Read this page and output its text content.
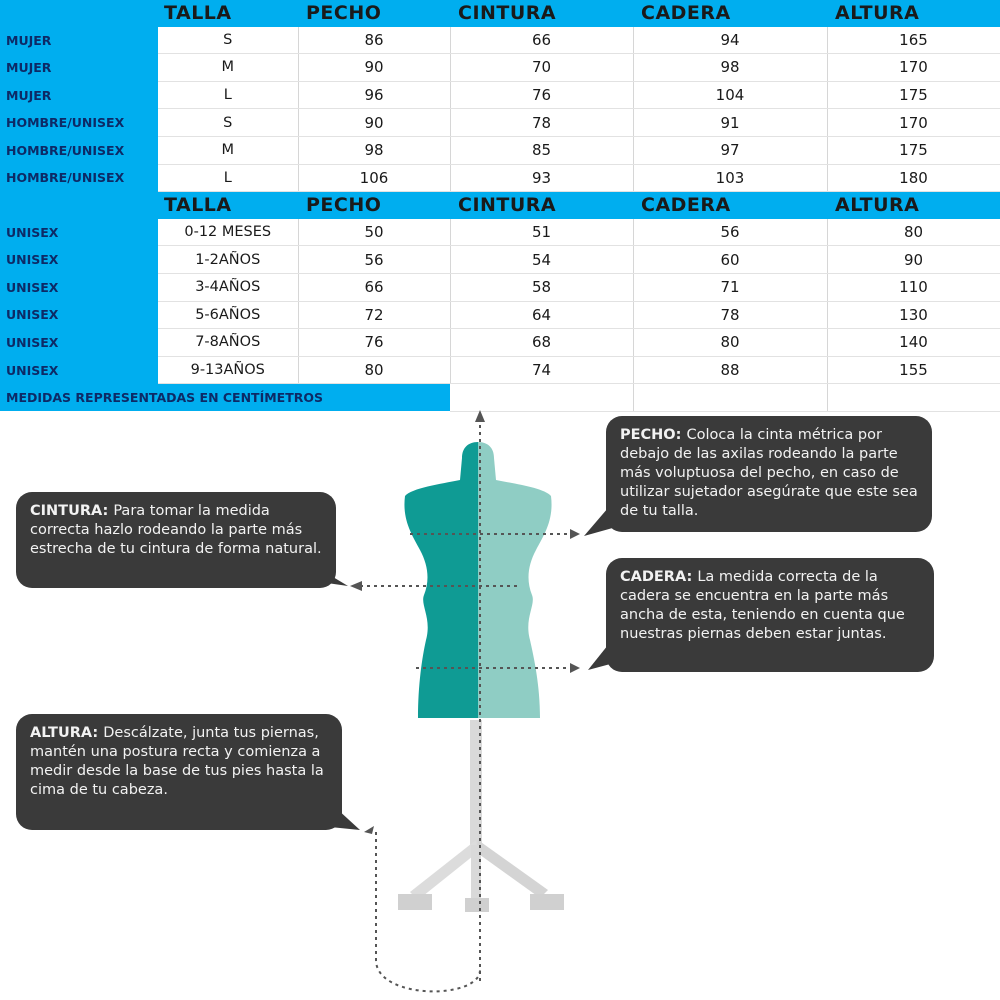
	TALLA	PECHO	CINTURA	CADERA	ALTURA
MUJER	S	86	66	94	165
MUJER	M	90	70	98	170
MUJER	L	96	76	104	175
HOMBRE/UNISEX	S	90	78	91	170
HOMBRE/UNISEX	M	98	85	97	175
HOMBRE/UNISEX	L	106	93	103	180
	TALLA	PECHO	CINTURA	CADERA	ALTURA
UNISEX	0-12 MESES	50	51	56	80
UNISEX	1-2AÑOS	56	54	60	90
UNISEX	3-4AÑOS	66	58	71	110
UNISEX	5-6AÑOS	72	64	78	130
UNISEX	7-8AÑOS	76	68	80	140
UNISEX	9-13AÑOS	80	74	88	155
MEDIDAS REPRESENTADAS EN CENTÍMETROS					
PECHO: Coloca la cinta métrica por debajo de las axilas rodeando la parte más voluptuosa del pecho, en caso de utilizar sujetador asegúrate que este sea de tu talla.
CINTURA: Para tomar la medida correcta hazlo rodeando la parte más estrecha de tu cintura de forma natural.
CADERA: La medida correcta de la cadera se encuentra en la parte más ancha de esta, teniendo en cuenta que nuestras piernas deben estar juntas.
ALTURA: Descálzate, junta tus piernas, mantén una postura recta y comienza a medir desde la base de tus pies hasta la cima de tu cabeza.
